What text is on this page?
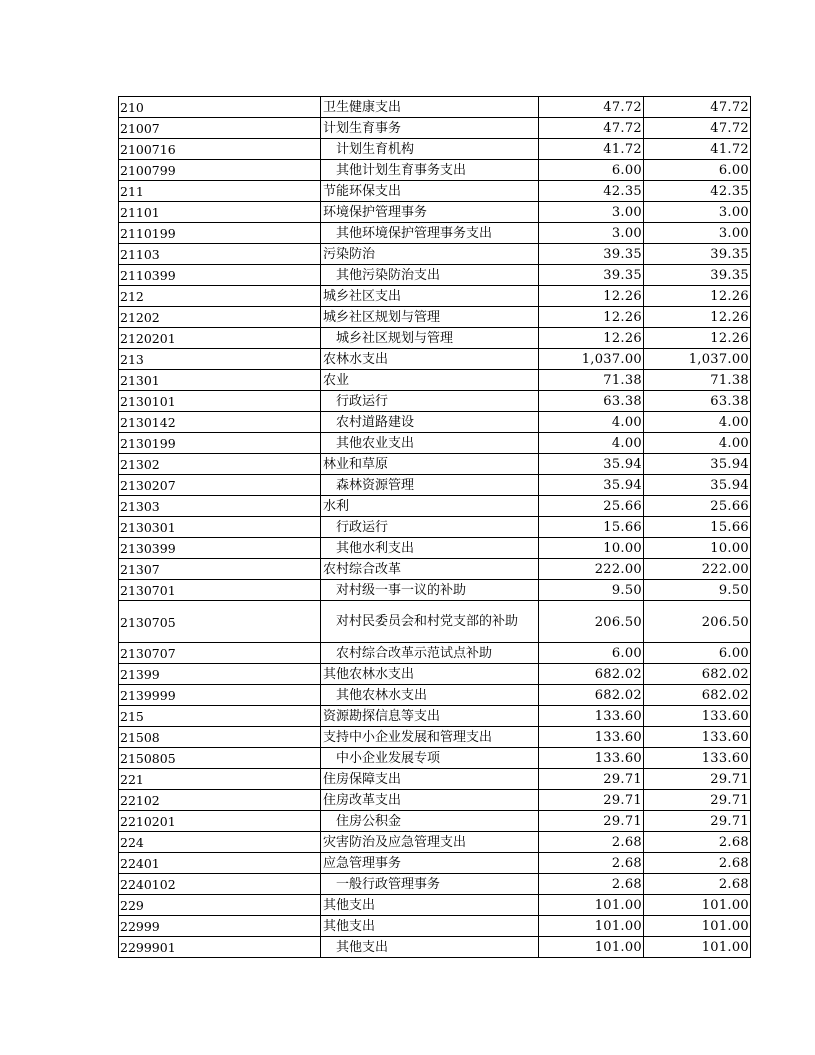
210	卫生健康支出	47.72	47.72
21007	计划生育事务	47.72	47.72
2100716	计划生育机构	41.72	41.72
2100799	其他计划生育事务支出	6.00	6.00
211	节能环保支出	42.35	42.35
21101	环境保护管理事务	3.00	3.00
2110199	其他环境保护管理事务支出	3.00	3.00
21103	污染防治	39.35	39.35
2110399	其他污染防治支出	39.35	39.35
212	城乡社区支出	12.26	12.26
21202	城乡社区规划与管理	12.26	12.26
2120201	城乡社区规划与管理	12.26	12.26
213	农林水支出	1,037.00	1,037.00
21301	农业	71.38	71.38
2130101	行政运行	63.38	63.38
2130142	农村道路建设	4.00	4.00
2130199	其他农业支出	4.00	4.00
21302	林业和草原	35.94	35.94
2130207	森林资源管理	35.94	35.94
21303	水利	25.66	25.66
2130301	行政运行	15.66	15.66
2130399	其他水利支出	10.00	10.00
21307	农村综合改革	222.00	222.00
2130701	对村级一事一议的补助	9.50	9.50
2130705	对村民委员会和村党支部的补助	206.50	206.50
2130707	农村综合改革示范试点补助	6.00	6.00
21399	其他农林水支出	682.02	682.02
2139999	其他农林水支出	682.02	682.02
215	资源勘探信息等支出	133.60	133.60
21508	支持中小企业发展和管理支出	133.60	133.60
2150805	中小企业发展专项	133.60	133.60
221	住房保障支出	29.71	29.71
22102	住房改革支出	29.71	29.71
2210201	住房公积金	29.71	29.71
224	灾害防治及应急管理支出	2.68	2.68
22401	应急管理事务	2.68	2.68
2240102	一般行政管理事务	2.68	2.68
229	其他支出	101.00	101.00
22999	其他支出	101.00	101.00
2299901	其他支出	101.00	101.00
